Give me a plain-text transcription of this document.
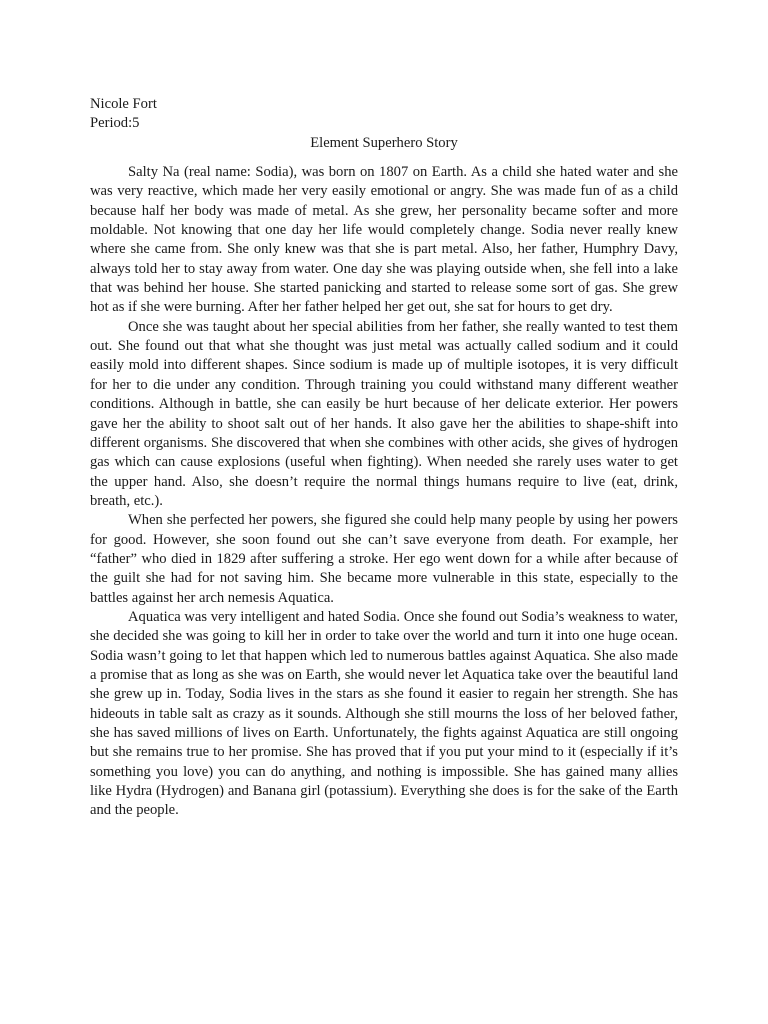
Nicole Fort
Period:5
Element Superhero Story

Salty Na (real name: Sodia), was born on 1807 on Earth. As a child she hated water and she was very reactive, which made her very easily emotional or angry. She was made fun of as a child because half her body was made of metal. As she grew, her personality became softer and more moldable. Not knowing that one day her life would completely change. Sodia never really knew where she came from. She only knew was that she is part metal. Also, her father, Humphry Davy, always told her to stay away from water. One day she was playing outside when, she fell into a lake that was behind her house. She started panicking and started to release some sort of gas. She grew hot as if she were burning. After her father helped her get out, she sat for hours to get dry.

Once she was taught about her special abilities from her father, she really wanted to test them out. She found out that what she thought was just metal was actually called sodium and it could easily mold into different shapes. Since sodium is made up of multiple isotopes, it is very difficult for her to die under any condition. Through training you could withstand many different weather conditions. Although in battle, she can easily be hurt because of her delicate exterior. Her powers gave her the ability to shoot salt out of her hands. It also gave her the abilities to shape-shift into different organisms. She discovered that when she combines with other acids, she gives of hydrogen gas which can cause explosions (useful when fighting). When needed she rarely uses water to get the upper hand. Also, she doesn’t require the normal things humans require to live (eat, drink, breath, etc.).

When she perfected her powers, she figured she could help many people by using her powers for good. However, she soon found out she can’t save everyone from death. For example, her “father” who died in 1829 after suffering a stroke. Her ego went down for a while after because of the guilt she had for not saving him. She became more vulnerable in this state, especially to the battles against her arch nemesis Aquatica.

Aquatica was very intelligent and hated Sodia. Once she found out Sodia’s weakness to water, she decided she was going to kill her in order to take over the world and turn it into one huge ocean. Sodia wasn’t going to let that happen which led to numerous battles against Aquatica. She also made a promise that as long as she was on Earth, she would never let Aquatica take over the beautiful land she grew up in. Today, Sodia lives in the stars as she found it easier to regain her strength. She has hideouts in table salt as crazy as it sounds. Although she still mourns the loss of her beloved father, she has saved millions of lives on Earth. Unfortunately, the fights against Aquatica are still ongoing but she remains true to her promise. She has proved that if you put your mind to it (especially if it’s something you love) you can do anything, and nothing is impossible. She has gained many allies like Hydra (Hydrogen) and Banana girl (potassium). Everything she does is for the sake of the Earth and the people.
